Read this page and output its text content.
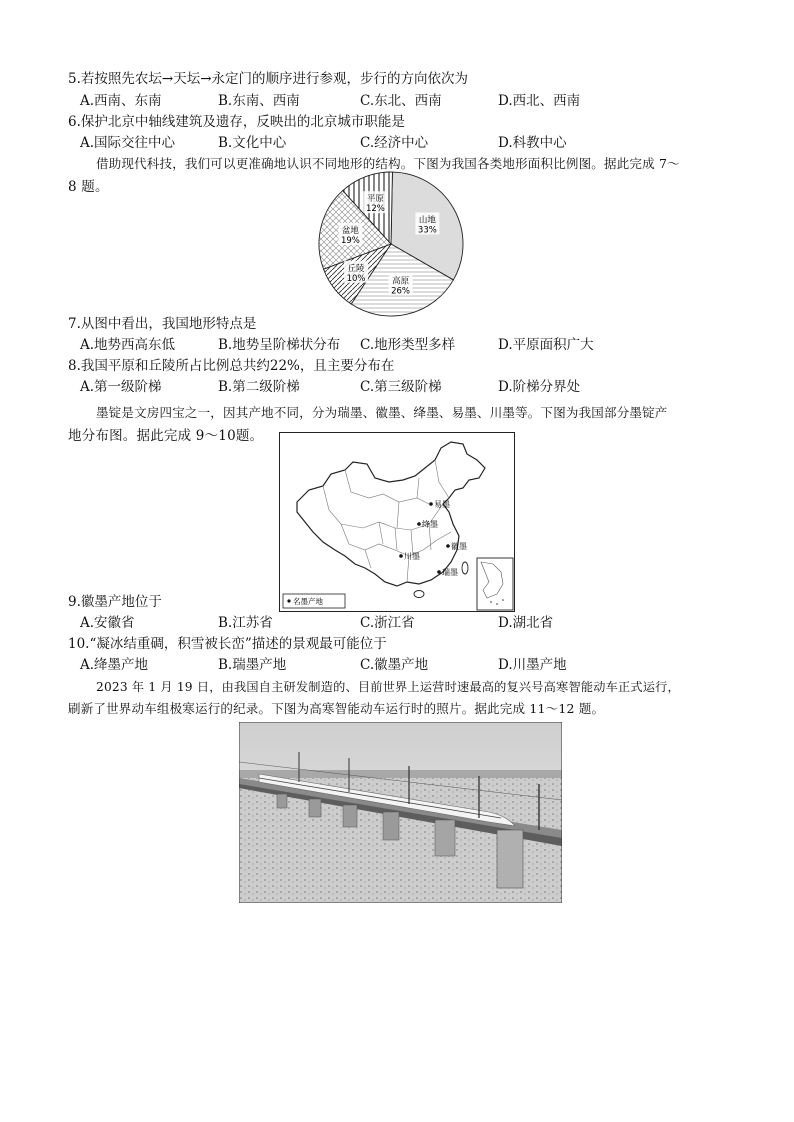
5.若按照先农坛→天坛→永定门的顺序进行参观，步行的方向依次为
A.西南、东南	B.东南、西南	C.东北、西南	D.西北、西南
6.保护北京中轴线建筑及遗存，反映出的北京城市职能是
A.国际交往中心	B.文化中心	C.经济中心	D.科教中心
借助现代科技，我们可以更准确地认识不同地形的结构。下图为我国各类地形面积比例图。据此完成 7～
8 题。
山地
33%
高原
26%
丘陵
10%
盆地
19%
平原
12%
7.从图中看出，我国地形特点是
A.地势西高东低	B.地势呈阶梯状分布 C.地形类型多样	D.平原面积广大
8.我国平原和丘陵所占比例总共约22%，且主要分布在
A.第一级阶梯	B.第二级阶梯	C.第三级阶梯	D.阶梯分界处
墨锭是文房四宝之一，因其产地不同，分为瑞墨、徽墨、绛墨、易墨、川墨等。下图为我国部分墨锭产
地分布图。据此完成 9～10题。
易墨
绛墨
徽墨
川墨
瑞墨
名墨产地
9.徽墨产地位于
A.安徽省	B.江苏省	C.浙江省	D.湖北省
10.“凝冰结重碉，积雪被长峦”描述的景观最可能位于
A.绛墨产地	B.瑞墨产地	C.徽墨产地	D.川墨产地
2023 年 1 月 19 日，由我国自主研发制造的、目前世界上运营时速最高的复兴号高寒智能动车正式运行，
刷新了世界动车组极寒运行的纪录。下图为高寒智能动车运行时的照片。据此完成 11～12 题。
